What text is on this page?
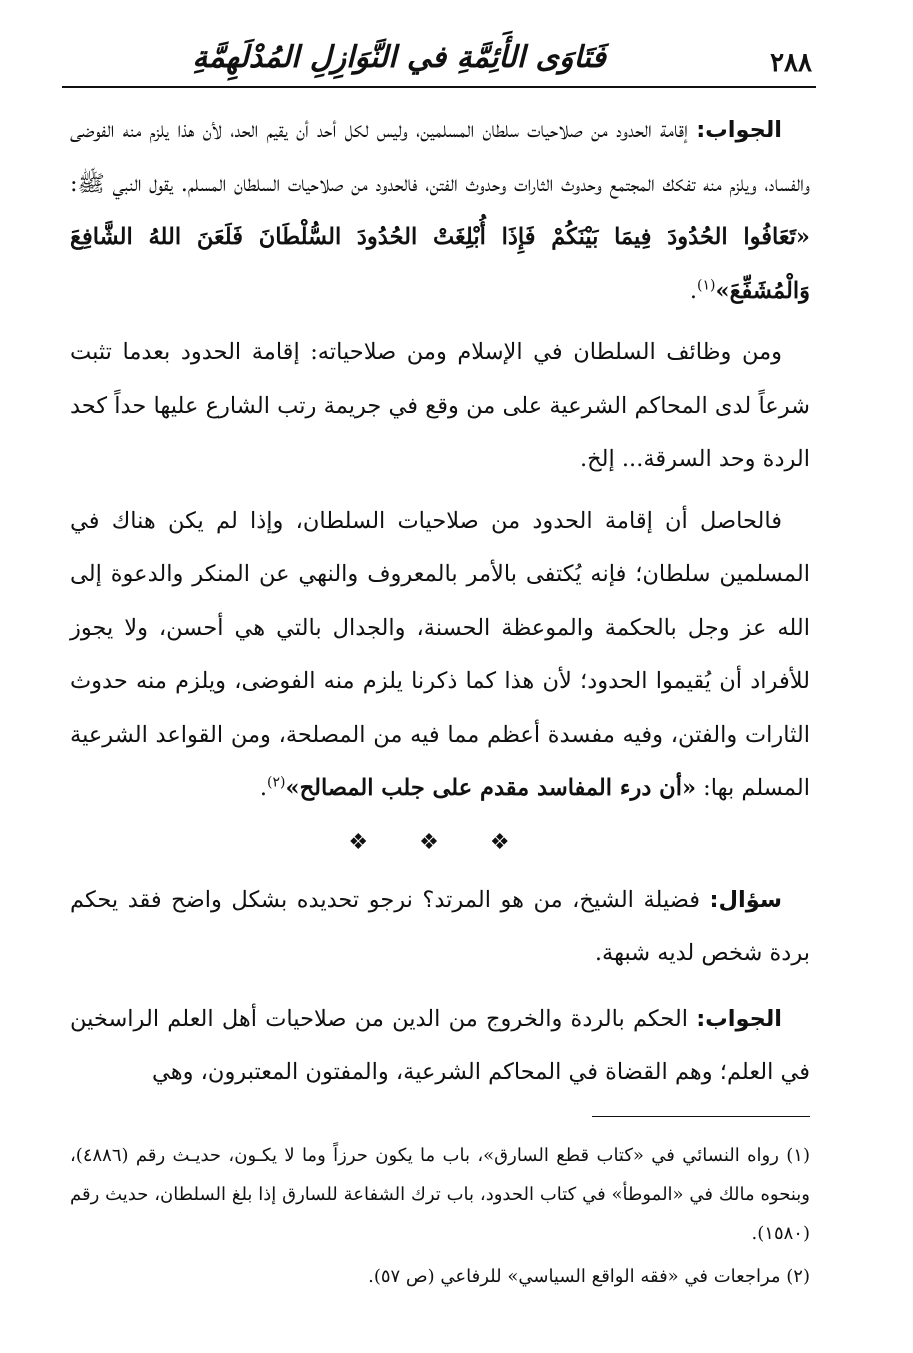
٢٨٨
فَتَاوَى الأَئِمَّةِ في النَّوَازِلِ المُدْلَهِمَّةِ

الجواب: إقامة الحدود من صلاحيات سلطان المسلمين، وليس لكل أحد أن يقيم الحد، لأن هذا يلزم منه الفوضى والفساد، ويلزم منه تفكك المجتمع وحدوث الثارات وحدوث الفتن، فالحدود من صلاحيات السلطان المسلم. يقول النبي ﷺ: «تَعَافُوا الحُدُودَ فِيمَا بَيْنَكُمْ فَإِذَا أُبْلِغَتْ الحُدُودَ السُّلْطَانَ فَلَعَنَ اللهُ الشَّافِعَ وَالْمُشَفِّعَ»$^{(١)}$.

ومن وظائف السلطان في الإسلام ومن صلاحياته: إقامة الحدود بعدما تثبت شرعاً لدى المحاكم الشرعية على من وقع في جريمة رتب الشارع عليها حداً كحد الردة وحد السرقة... إلخ.

فالحاصل أن إقامة الحدود من صلاحيات السلطان، وإذا لم يكن هناك في المسلمين سلطان؛ فإنه يُكتفى بالأمر بالمعروف والنهي عن المنكر والدعوة إلى الله عز وجل بالحكمة والموعظة الحسنة، والجدال بالتي هي أحسن، ولا يجوز للأفراد أن يُقيموا الحدود؛ لأن هذا كما ذكرنا يلزم منه الفوضى، ويلزم منه حدوث الثارات والفتن، وفيه مفسدة أعظم مما فيه من المصلحة، ومن القواعد الشرعية المسلم بها: «أن درء المفاسد مقدم على جلب المصالح»$^{(٢)}$.

❖ ❖ ❖

سؤال: فضيلة الشيخ، من هو المرتد؟ نرجو تحديده بشكل واضح فقد يحكم بردة شخص لديه شبهة.

الجواب: الحكم بالردة والخروج من الدين من صلاحيات أهل العلم الراسخين في العلم؛ وهم القضاة في المحاكم الشرعية، والمفتون المعتبرون، وهي

(١) رواه النسائي في «كتاب قطع السارق»، باب ما يكون حرزاً وما لا يكـون، حديـث رقم (٤٨٨٦)، وبنحوه مالك في «الموطأ» في كتاب الحدود، باب ترك الشفاعة للسارق إذا بلغ السلطان، حديث رقم (١٥٨٠).

(٢) مراجعات في «فقه الواقع السياسي» للرفاعي (ص ٥٧).
